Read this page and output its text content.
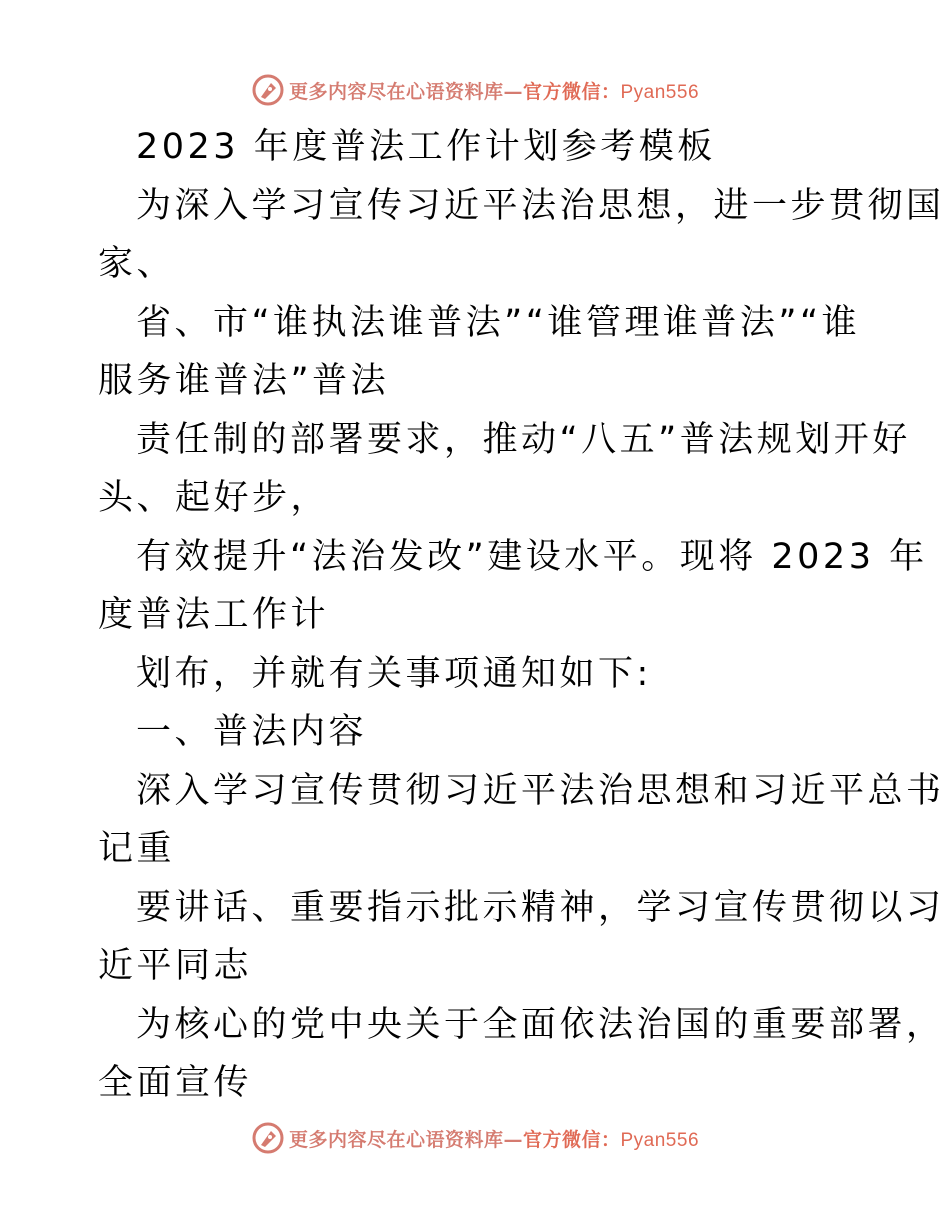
更多内容尽在心语资料库—官方微信：Pyan556
2023 年度普法工作计划参考模板
为深入学习宣传习近平法治思想，进一步贯彻国
家、
省、市“谁执法谁普法”“谁管理谁普法”“谁
服务谁普法”普法
责任制的部署要求，推动“八五”普法规划开好
头、起好步，
有效提升“法治发改”建设水平。现将 2023 年
度普法工作计
划布，并就有关事项通知如下:
一、普法内容
深入学习宣传贯彻习近平法治思想和习近平总书
记重
要讲话、重要指示批示精神，学习宣传贯彻以习
近平同志
为核心的党中央关于全面依法治国的重要部署，
全面宣传
更多内容尽在心语资料库—官方微信：Pyan556
